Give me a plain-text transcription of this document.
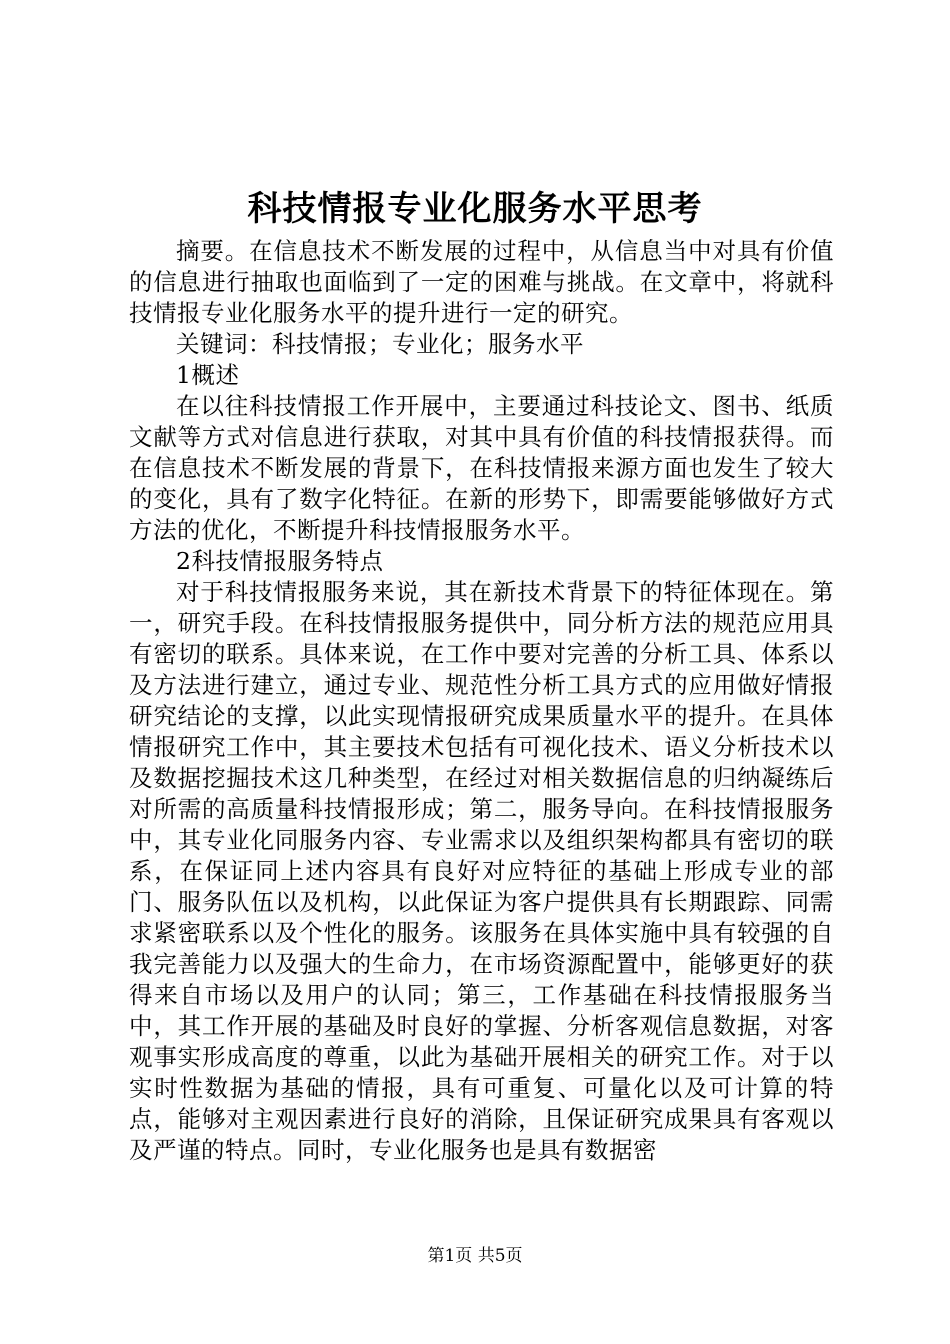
科技情报专业化服务水平思考

摘要。在信息技术不断发展的过程中，从信息当中对具有价值的信息进行抽取也面临到了一定的困难与挑战。在文章中，将就科技情报专业化服务水平的提升进行一定的研究。

关键词：科技情报；专业化；服务水平

1概述

在以往科技情报工作开展中，主要通过科技论文、图书、纸质文献等方式对信息进行获取，对其中具有价值的科技情报获得。而在信息技术不断发展的背景下，在科技情报来源方面也发生了较大的变化，具有了数字化特征。在新的形势下，即需要能够做好方式方法的优化，不断提升科技情报服务水平。

2科技情报服务特点

对于科技情报服务来说，其在新技术背景下的特征体现在。第一，研究手段。在科技情报服务提供中，同分析方法的规范应用具有密切的联系。具体来说，在工作中要对完善的分析工具、体系以及方法进行建立，通过专业、规范性分析工具方式的应用做好情报研究结论的支撑，以此实现情报研究成果质量水平的提升。在具体情报研究工作中，其主要技术包括有可视化技术、语义分析技术以及数据挖掘技术这几种类型，在经过对相关数据信息的归纳凝练后对所需的高质量科技情报形成；第二，服务导向。在科技情报服务中，其专业化同服务内容、专业需求以及组织架构都具有密切的联系，在保证同上述内容具有良好对应特征的基础上形成专业的部门、服务队伍以及机构，以此保证为客户提供具有长期跟踪、同需求紧密联系以及个性化的服务。该服务在具体实施中具有较强的自我完善能力以及强大的生命力，在市场资源配置中，能够更好的获得来自市场以及用户的认同；第三，工作基础在科技情报服务当中，其工作开展的基础及时良好的掌握、分析客观信息数据，对客观事实形成高度的尊重，以此为基础开展相关的研究工作。对于以实时性数据为基础的情报，具有可重复、可量化以及可计算的特点，能够对主观因素进行良好的消除，且保证研究成果具有客观以及严谨的特点。同时，专业化服务也是具有数据密

第1页 共5页
